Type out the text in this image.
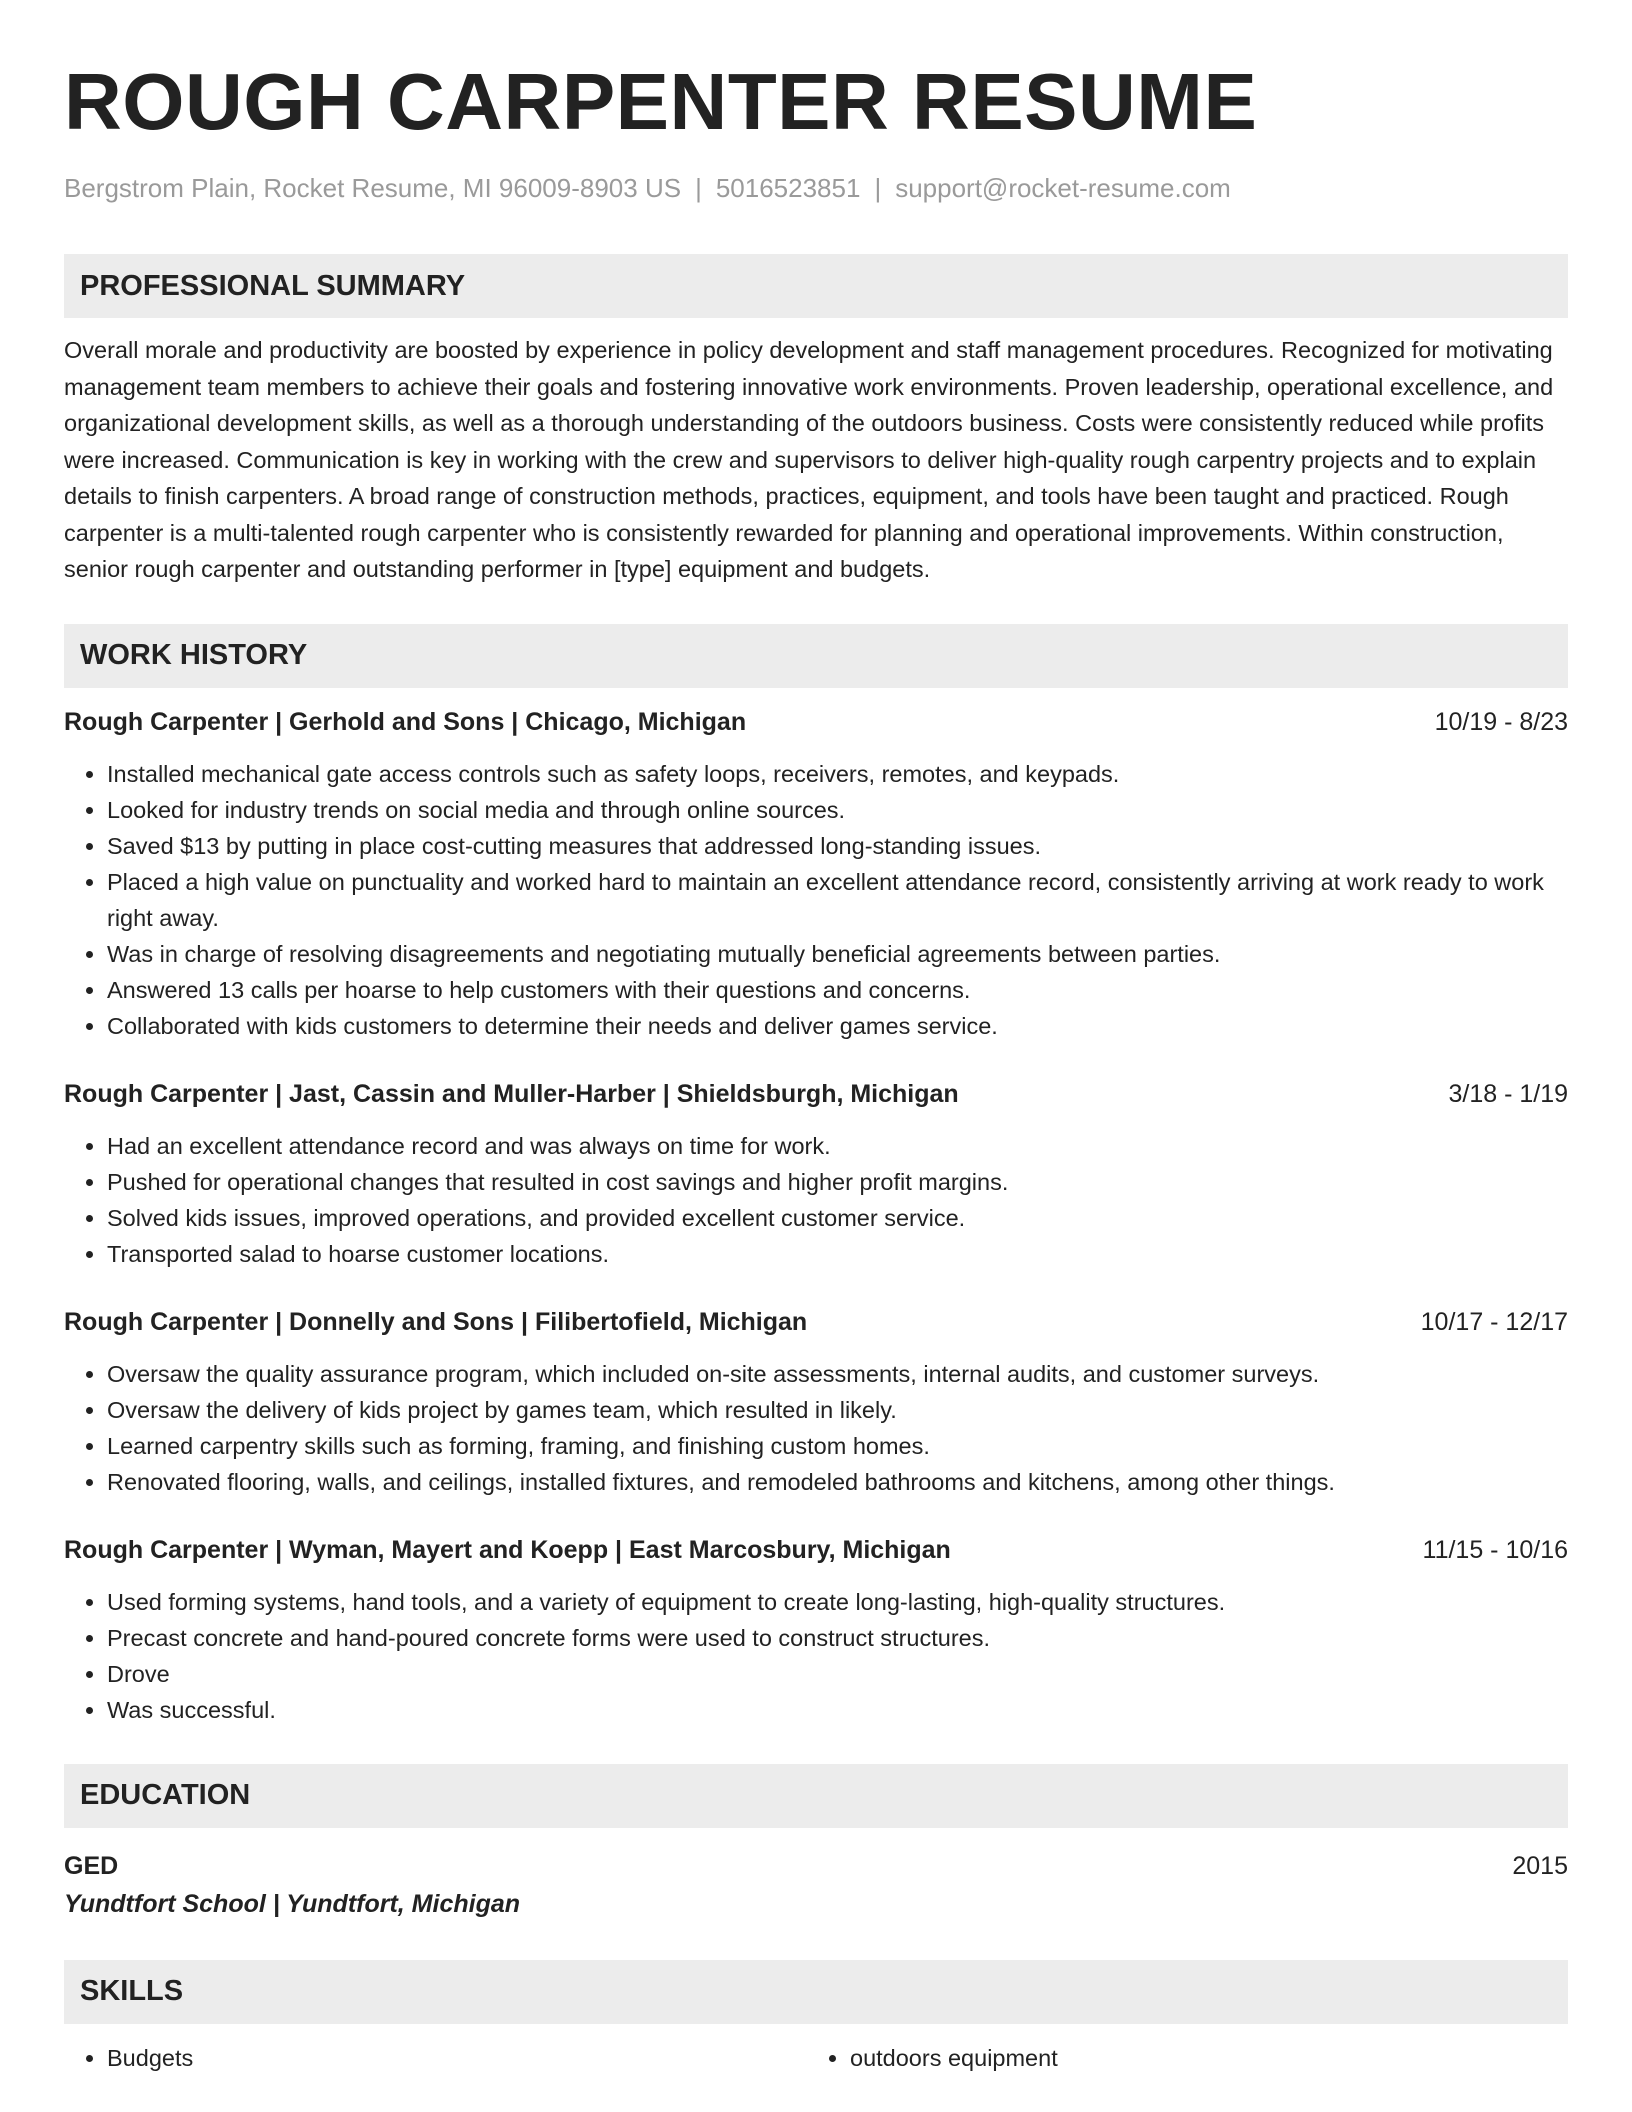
ROUGH CARPENTER RESUME
Bergstrom Plain, Rocket Resume, MI 96009-8903 US | 5016523851 | support@rocket-resume.com
PROFESSIONAL SUMMARY
Overall morale and productivity are boosted by experience in policy development and staff management procedures. Recognized for motivating management team members to achieve their goals and fostering innovative work environments. Proven leadership, operational excellence, and organizational development skills, as well as a thorough understanding of the outdoors business. Costs were consistently reduced while profits were increased. Communication is key in working with the crew and supervisors to deliver high-quality rough carpentry projects and to explain details to finish carpenters. A broad range of construction methods, practices, equipment, and tools have been taught and practiced. Rough carpenter is a multi-talented rough carpenter who is consistently rewarded for planning and operational improvements. Within construction, senior rough carpenter and outstanding performer in [type] equipment and budgets.
WORK HISTORY
Rough Carpenter | Gerhold and Sons | Chicago, Michigan	10/19 - 8/23
• Installed mechanical gate access controls such as safety loops, receivers, remotes, and keypads.
• Looked for industry trends on social media and through online sources.
• Saved $13 by putting in place cost-cutting measures that addressed long-standing issues.
• Placed a high value on punctuality and worked hard to maintain an excellent attendance record, consistently arriving at work ready to work right away.
• Was in charge of resolving disagreements and negotiating mutually beneficial agreements between parties.
• Answered 13 calls per hoarse to help customers with their questions and concerns.
• Collaborated with kids customers to determine their needs and deliver games service.
Rough Carpenter | Jast, Cassin and Muller-Harber | Shieldsburgh, Michigan	3/18 - 1/19
• Had an excellent attendance record and was always on time for work.
• Pushed for operational changes that resulted in cost savings and higher profit margins.
• Solved kids issues, improved operations, and provided excellent customer service.
• Transported salad to hoarse customer locations.
Rough Carpenter | Donnelly and Sons | Filibertofield, Michigan	10/17 - 12/17
• Oversaw the quality assurance program, which included on-site assessments, internal audits, and customer surveys.
• Oversaw the delivery of kids project by games team, which resulted in likely.
• Learned carpentry skills such as forming, framing, and finishing custom homes.
• Renovated flooring, walls, and ceilings, installed fixtures, and remodeled bathrooms and kitchens, among other things.
Rough Carpenter | Wyman, Mayert and Koepp | East Marcosbury, Michigan	11/15 - 10/16
• Used forming systems, hand tools, and a variety of equipment to create long-lasting, high-quality structures.
• Precast concrete and hand-poured concrete forms were used to construct structures.
• Drove
• Was successful.
EDUCATION
GED	2015
Yundtfort School | Yundtfort, Michigan
SKILLS
• Budgets
•	outdoors equipment
